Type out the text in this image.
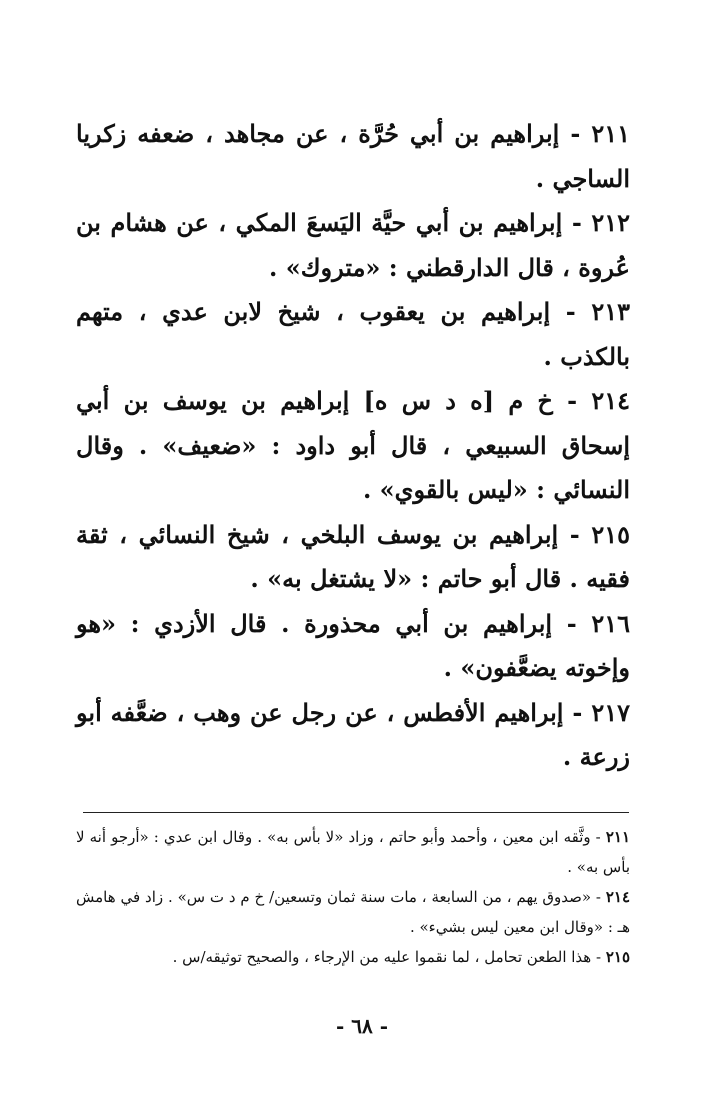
٢١١ - إبراهيم بن أبي حُرَّة ، عن مجاهد ، ضعفه زكريا الساجي .

٢١٢ - إبراهيم بن أبي حيَّة اليَسعَ المكي ، عن هشام بن عُروة ، قال الدارقطني : «متروك» .

٢١٣ - إبراهيم بن يعقوب ، شيخ لابن عدي ، متهم بالكذب .

٢١٤ - خ م [ه د س ه] إبراهيم بن يوسف بن أبي إسحاق السبيعي ، قال أبو داود : «ضعيف» . وقال النسائي : «ليس بالقوي» .

٢١٥ - إبراهيم بن يوسف البلخي ، شيخ النسائي ، ثقة فقيه . قال أبو حاتم : «لا يشتغل به» .

٢١٦ - إبراهيم بن أبي محذورة . قال الأزدي : «هو وإخوته يضعَّفون» .

٢١٧ - إبراهيم الأفطس ، عن رجل عن وهب ، ضعَّفه أبو زرعة .

٢١١ - وثَّقه ابن معين ، وأحمد وأبو حاتم ، وزاد «لا بأس به» . وقال ابن عدي : «أرجو أنه لا بأس به» .

٢١٤ - «صدوق يهم ، من السابعة ، مات سنة ثمان وتسعين/ خ م د ت س» . زاد في هامش هـ : «وقال ابن معين ليس بشيء» .

٢١٥ - هذا الطعن تحامل ، لما نقموا عليه من الإرجاء ، والصحيح توثيقه/س .

- ٦٨ -
